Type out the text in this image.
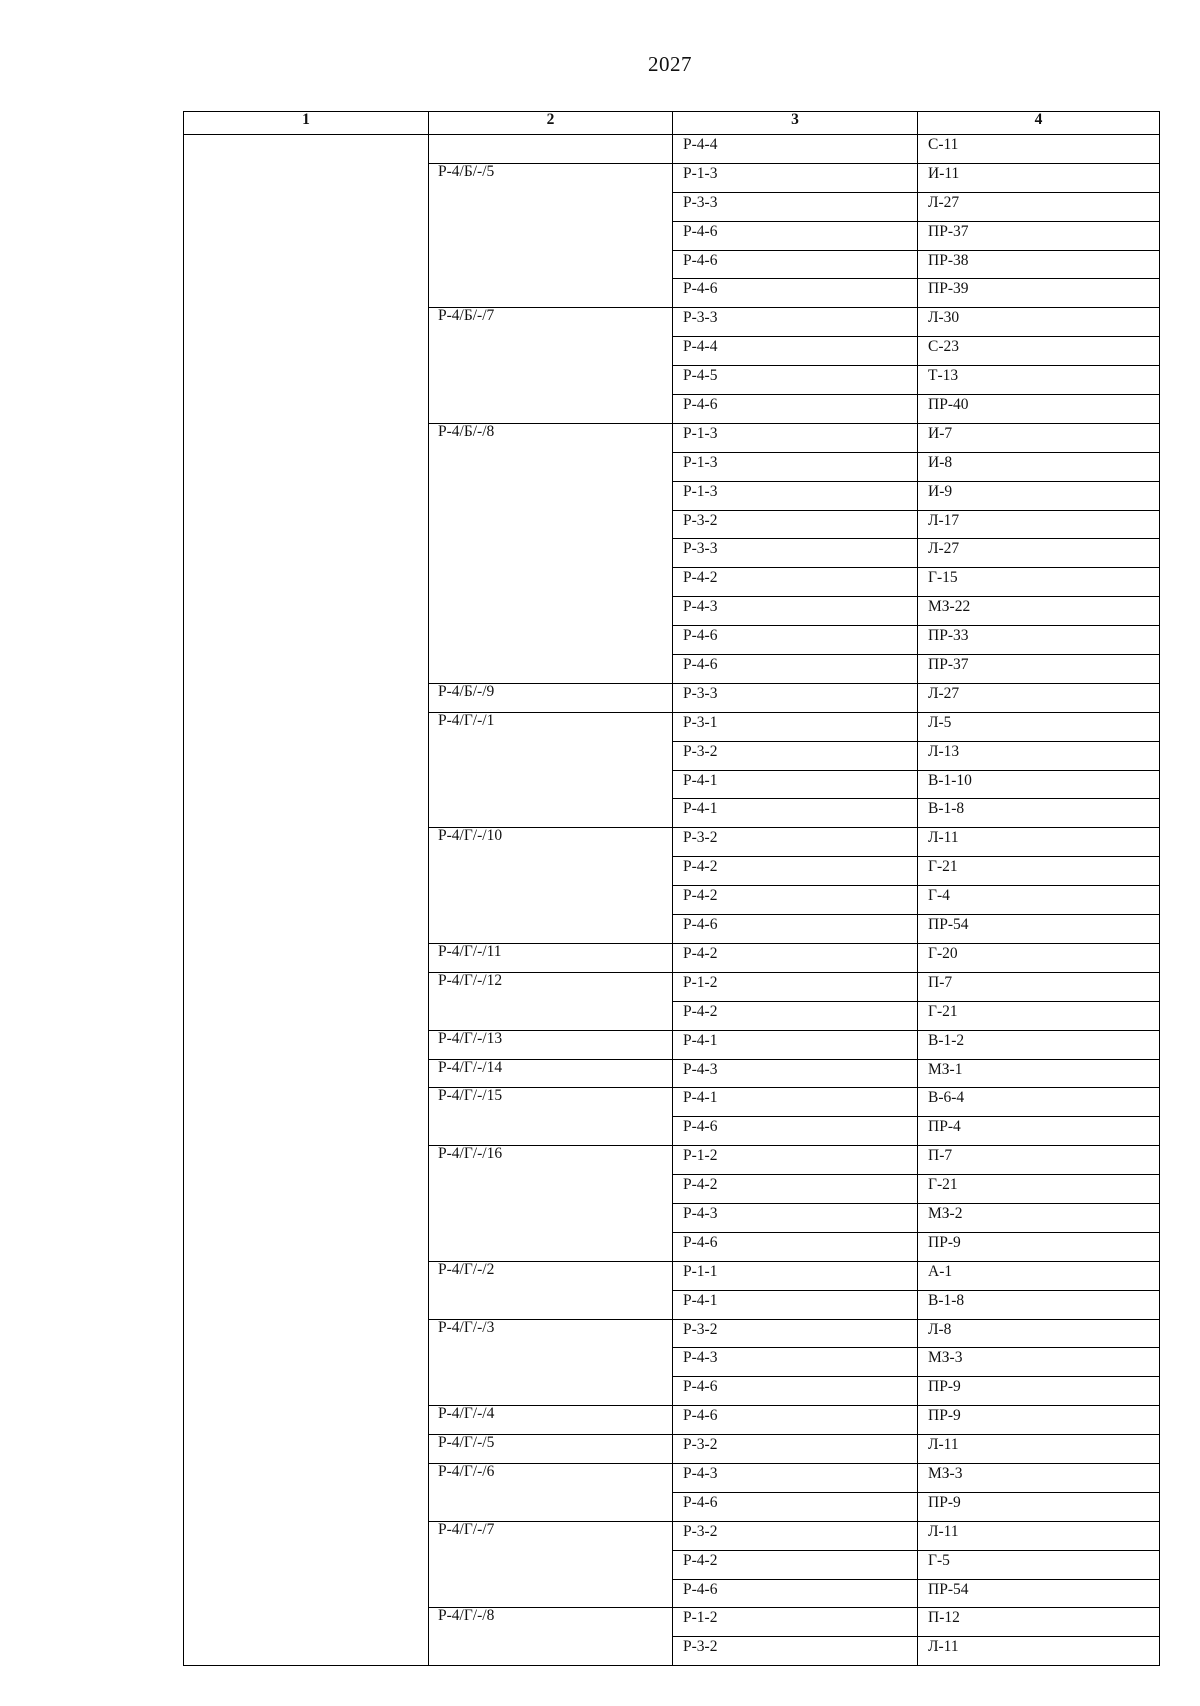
2027
1	2	3	4
		Р-4-4	С-11
	Р-4/Б/-/5	Р-1-3	И-11
		Р-3-3	Л-27
		Р-4-6	ПР-37
		Р-4-6	ПР-38
		Р-4-6	ПР-39
	Р-4/Б/-/7	Р-3-3	Л-30
		Р-4-4	С-23
		Р-4-5	Т-13
		Р-4-6	ПР-40
	Р-4/Б/-/8	Р-1-3	И-7
		Р-1-3	И-8
		Р-1-3	И-9
		Р-3-2	Л-17
		Р-3-3	Л-27
		Р-4-2	Г-15
		Р-4-3	МЗ-22
		Р-4-6	ПР-33
		Р-4-6	ПР-37
	Р-4/Б/-/9	Р-3-3	Л-27
	Р-4/Г/-/1	Р-3-1	Л-5
		Р-3-2	Л-13
		Р-4-1	В-1-10
		Р-4-1	В-1-8
	Р-4/Г/-/10	Р-3-2	Л-11
		Р-4-2	Г-21
		Р-4-2	Г-4
		Р-4-6	ПР-54
	Р-4/Г/-/11	Р-4-2	Г-20
	Р-4/Г/-/12	Р-1-2	П-7
		Р-4-2	Г-21
	Р-4/Г/-/13	Р-4-1	В-1-2
	Р-4/Г/-/14	Р-4-3	МЗ-1
	Р-4/Г/-/15	Р-4-1	В-6-4
		Р-4-6	ПР-4
	Р-4/Г/-/16	Р-1-2	П-7
		Р-4-2	Г-21
		Р-4-3	МЗ-2
		Р-4-6	ПР-9
	Р-4/Г/-/2	Р-1-1	А-1
		Р-4-1	В-1-8
	Р-4/Г/-/3	Р-3-2	Л-8
		Р-4-3	МЗ-3
		Р-4-6	ПР-9
	Р-4/Г/-/4	Р-4-6	ПР-9
	Р-4/Г/-/5	Р-3-2	Л-11
	Р-4/Г/-/6	Р-4-3	МЗ-3
		Р-4-6	ПР-9
	Р-4/Г/-/7	Р-3-2	Л-11
		Р-4-2	Г-5
		Р-4-6	ПР-54
	Р-4/Г/-/8	Р-1-2	П-12
		Р-3-2	Л-11
